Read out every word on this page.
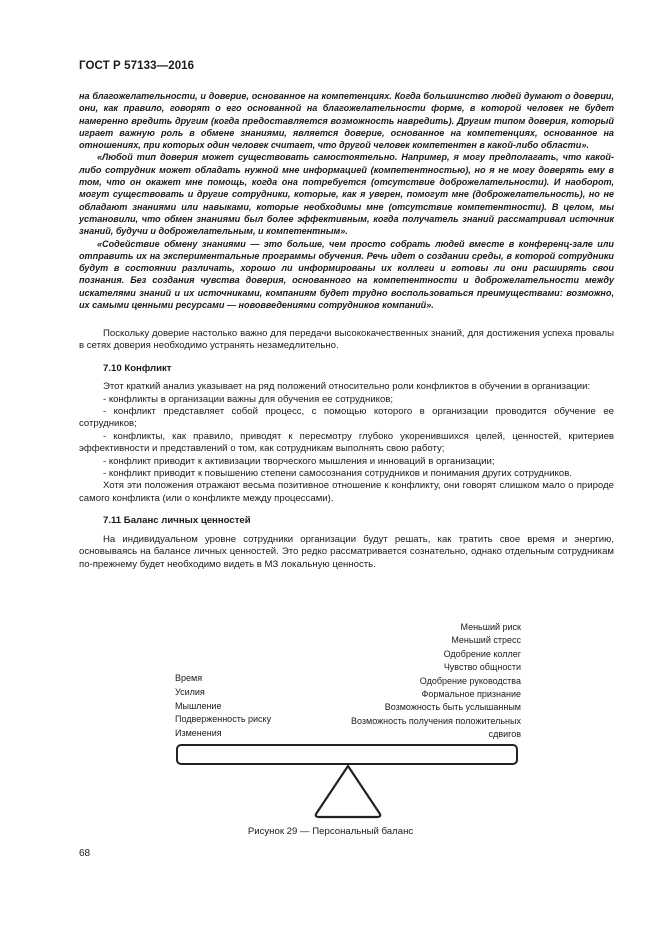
ГОСТ Р 57133—2016

на благожелательности, и доверие, основанное на компетенциях. Когда большинство людей думают о доверии, они, как правило, говорят о его основанной на благожелательности форме, в которой человек не будет намеренно вредить другим (когда предоставляется возможность навредить). Другим типом доверия, который играет важную роль в обмене знаниями, является доверие, основанное на компетенциях, основанное на отношениях, при которых один человек считает, что другой человек компетентен в какой-либо области».

«Любой тип доверия может существовать самостоятельно. Например, я могу предполагать, что какой-либо сотрудник может обладать нужной мне информацией (компетентностью), но я не могу доверять ему в том, что он окажет мне помощь, когда она потребуется (отсутствие доброжелательности). И наоборот, могут существовать и другие сотрудники, которые, как я уверен, помогут мне (доброжелательность), но не обладают знаниями или навыками, которые необходимы мне (отсутствие компетентности). В целом, мы установили, что обмен знаниями был более эффективным, когда получатель знаний рассматривал источник знаний, будучи и доброжелательным, и компетентным».

«Содействие обмену знаниями — это больше, чем просто собрать людей вместе в конференц-зале или отправить их на экспериментальные программы обучения. Речь идет о создании среды, в которой сотрудники будут в состоянии различать, хорошо ли информированы их коллеги и готовы ли они расширять свои познания. Без создания чувства доверия, основанного на компетентности и доброжелательности между искателями знаний и их источниками, компаниям будет трудно воспользоваться преимуществами: возможно, их самыми ценными ресурсами — нововведениями сотрудников компаний».

Поскольку доверие настолько важно для передачи высококачественных знаний, для достижения успеха провалы в сетях доверия необходимо устранять незамедлительно.

7.10 Конфликт

Этот краткий анализ указывает на ряд положений относительно роли конфликтов в обучении в организации:

- конфликты в организации важны для обучения ее сотрудников;

- конфликт представляет собой процесс, с помощью которого в организации проводится обучение ее сотрудников;

- конфликты, как правило, приводят к пересмотру глубоко укоренившихся целей, ценностей, критериев эффективности и представлений о том, как сотрудникам выполнять свою работу;

- конфликт приводит к активизации творческого мышления и инноваций в организации;

- конфликт приводит к повышению степени самосознания сотрудников и понимания других сотрудников.

Хотя эти положения отражают весьма позитивное отношение к конфликту, они говорят слишком мало о природе самого конфликта (или о конфликте между процессами).

7.11 Баланс личных ценностей

На индивидуальном уровне сотрудники организации будут решать, как тратить свое время и энергию, основываясь на балансе личных ценностей. Это редко рассматривается сознательно, однако отдельным сотрудникам по-прежнему будет необходимо видеть в МЗ локальную ценность.

Меньший риск
Меньший стресс
Одобрение коллег
Чувство общности
Одобрение руководства
Формальное признание
Возможность быть услышанным
Возможность получения положительных
сдвигов
Время
Усилия
Мышление
Подверженность риску
Изменения
Рисунок 29 — Персональный баланс
68
